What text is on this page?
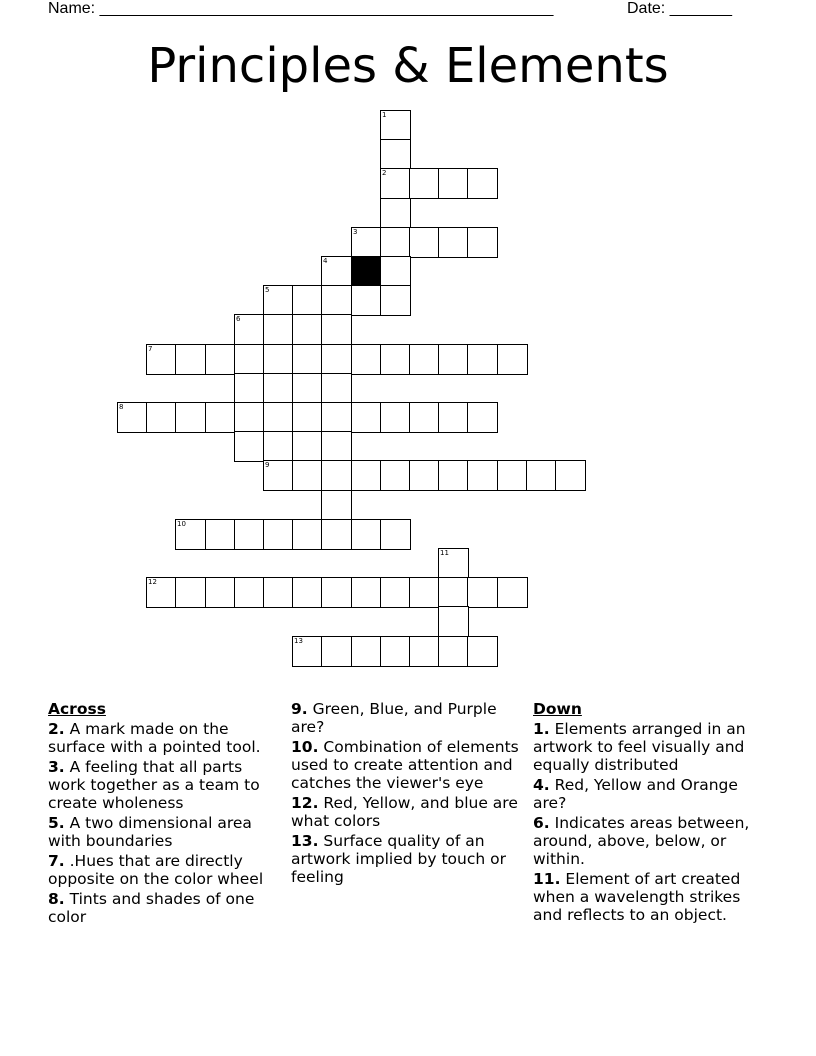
Name: ___________________________________________________	Date: _______
Principles & Elements
1
2
3
4
5
6
7
8
9
10
11
12
13
Across
2. A mark made on the surface with a pointed tool.
3. A feeling that all parts work together as a team to create wholeness
5. A two dimensional area with boundaries
7. .Hues that are directly opposite on the color wheel
8. Tints and shades of one color
9. Green, Blue, and Purple are?
10. Combination of elements used to create attention and catches the viewer's eye
12. Red, Yellow, and blue are what colors
13. Surface quality of an artwork implied by touch or feeling
Down
1. Elements arranged in an artwork to feel visually and equally distributed
4. Red, Yellow and Orange are?
6. Indicates areas between, around, above, below, or within.
11. Element of art created when a wavelength strikes and reflects to an object.
